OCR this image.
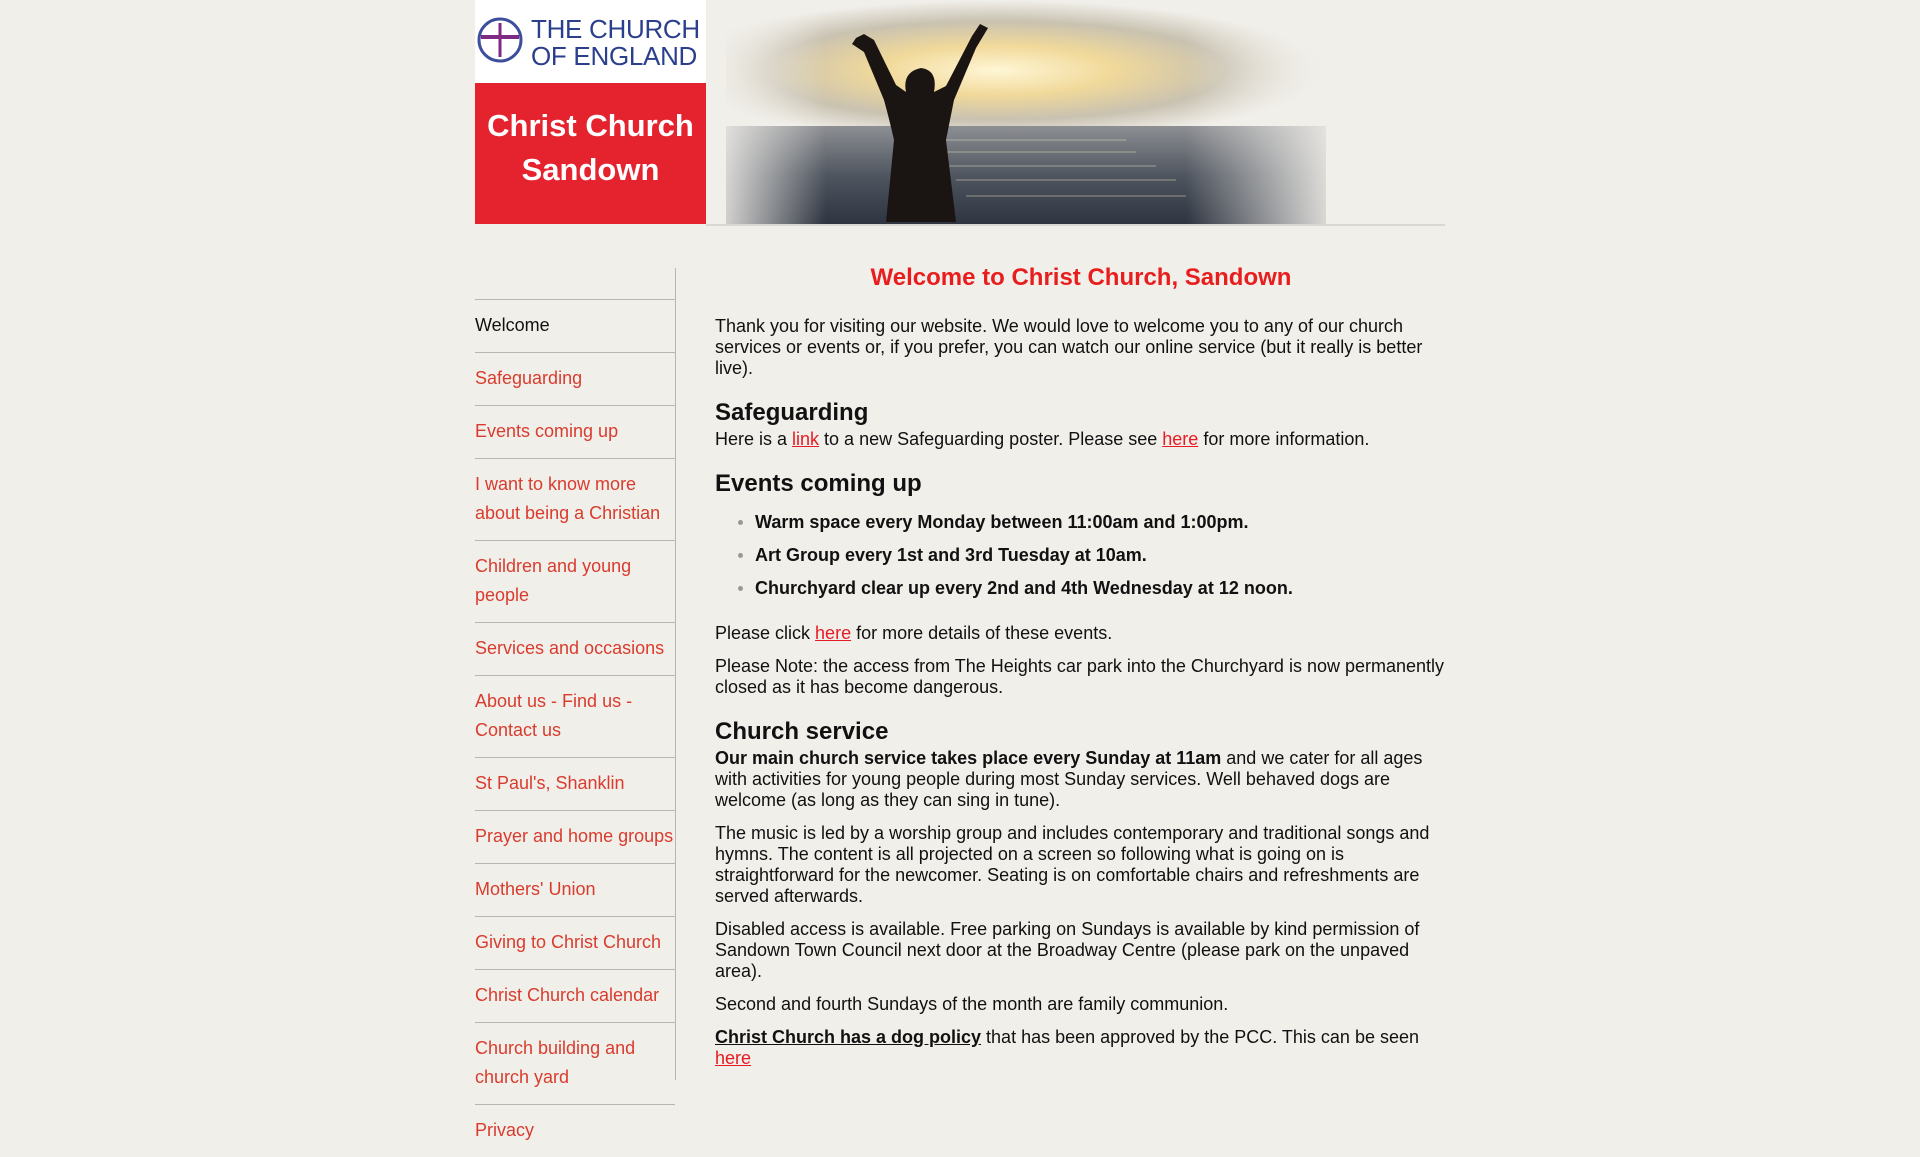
THE CHURCH
OF ENGLAND
Christ Church
Sandown
Welcome
Safeguarding
Events coming up
I want to know more about being a Christian
Children and young people
Services and occasions
About us - Find us - Contact us
St Paul's, Shanklin
Prayer and home groups
Mothers' Union
Giving to Christ Church
Christ Church calendar
Church building and church yard
Privacy
Welcome to Christ Church, Sandown

Thank you for visiting our website. We would love to welcome you to any of our church services or events or, if you prefer, you can watch our online service (but it really is better live).

Safeguarding

Here is a link to a new Safeguarding poster. Please see here for more information.

Events coming up
Warm space every Monday between 11:00am and 1:00pm.
Art Group every 1st and 3rd Tuesday at 10am.
Churchyard clear up every 2nd and 4th Wednesday at 12 noon.

Please click here for more details of these events.

Please Note: the access from The Heights car park into the Churchyard is now permanently closed as it has become dangerous.

Church service

Our main church service takes place every Sunday at 11am and we cater for all ages with activities for young people during most Sunday services. Well behaved dogs are welcome (as long as they can sing in tune).

The music is led by a worship group and includes contemporary and traditional songs and hymns. The content is all projected on a screen so following what is going on is straightforward for the newcomer. Seating is on comfortable chairs and refreshments are served afterwards.

Disabled access is available. Free parking on Sundays is available by kind permission of Sandown Town Council next door at the Broadway Centre (please park on the unpaved area).

Second and fourth Sundays of the month are family communion.

Christ Church has a dog policy that has been approved by the PCC. This can be seen here
